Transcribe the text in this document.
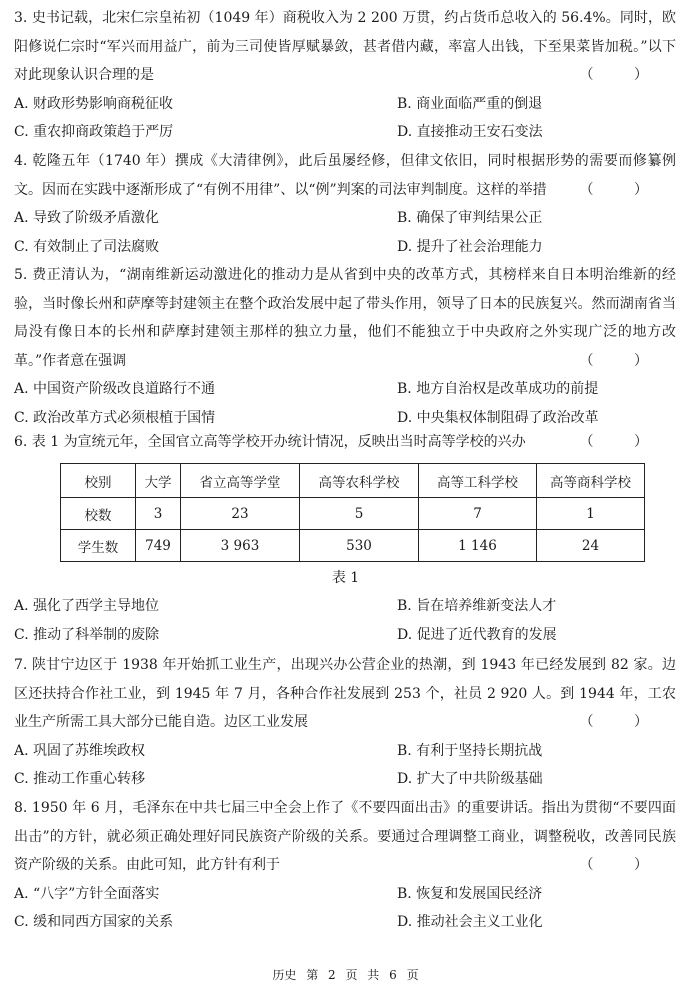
3. 史书记载，北宋仁宗皇祐初（1049 年）商税收入为 2 200 万贯，约占货币总收入的 56.4%。同时，欧阳修说仁宗时“军兴而用益广，前为三司使皆厚赋暴敛，甚者借内藏，率富人出钱，下至果菜皆加税。”以下对此现象认识合理的是	（ ）

A. 财政形势影响商税征收	B. 商业面临严重的倒退
C. 重农抑商政策趋于严厉	D. 直接推动王安石变法

4. 乾隆五年（1740 年）撰成《大清律例》，此后虽屡经修，但律文依旧，同时根据形势的需要而修纂例文。因而在实践中逐渐形成了“有例不用律”、以“例”判案的司法审判制度。这样的举措 （ ）

A. 导致了阶级矛盾激化	B. 确保了审判结果公正
C. 有效制止了司法腐败	D. 提升了社会治理能力

5. 费正清认为，“湖南维新运动激进化的推动力是从省到中央的改革方式，其榜样来自日本明治维新的经验，当时像长州和萨摩等封建领主在整个政治发展中起了带头作用，领导了日本的民族复兴。然而湖南省当局没有像日本的长州和萨摩封建领主那样的独立力量，他们不能独立于中央政府之外实现广泛的地方改革。”作者意在强调	（ ）

A. 中国资产阶级改良道路行不通	B. 地方自治权是改革成功的前提
C. 政治改革方式必须根植于国情	D. 中央集权体制阻碍了政治改革

6. 表 1 为宣统元年，全国官立高等学校开办统计情况，反映出当时高等学校的兴办	（ ）

校别	大学	省立高等学堂	高等农科学校	高等工科学校	高等商科学校
校数	3	23	5	7	1
学生数	749	3 963	530	1 146	24
表 1
A. 强化了西学主导地位	B. 旨在培养维新变法人才
C. 推动了科举制的废除	D. 促进了近代教育的发展

7. 陕甘宁边区于 1938 年开始抓工业生产，出现兴办公营企业的热潮，到 1943 年已经发展到 82 家。边区还扶持合作社工业，到 1945 年 7 月，各种合作社发展到 253 个，社员 2 920 人。到 1944 年，工农业生产所需工具大部分已能自造。边区工业发展	（ ）

A. 巩固了苏维埃政权	B. 有利于坚持长期抗战
C. 推动工作重心转移	D. 扩大了中共阶级基础

8. 1950 年 6 月，毛泽东在中共七届三中全会上作了《不要四面出击》的重要讲话。指出为贯彻“不要四面出击”的方针，就必须正确处理好同民族资产阶级的关系。要通过合理调整工商业，调整税收，改善同民族资产阶级的关系。由此可知，此方针有利于	（ ）

A. “八字”方针全面落实	B. 恢复和发展国民经济
C. 缓和同西方国家的关系	D. 推动社会主义工业化
历史 第 2 页 共 6 页
